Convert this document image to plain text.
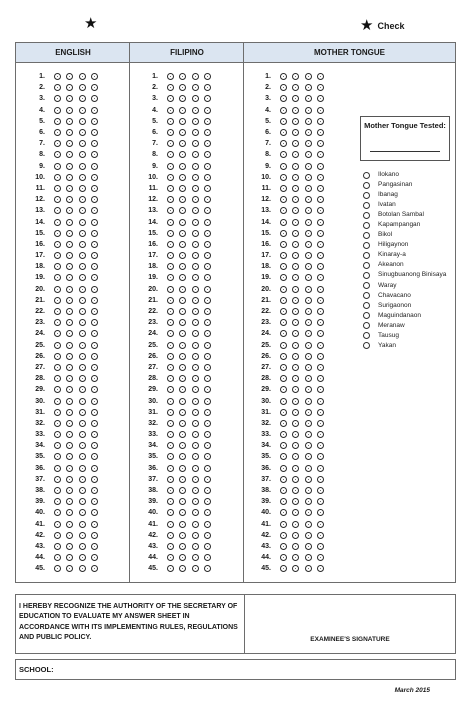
★	★ Check
ENGLISH	FILIPINO	MOTHER TONGUE
1.
2.
3.
4.
5.
6.
7.
8.
9.
10.
11.
12.
13.
14.
15.
16.
17.
18.
19.
20.
21.
22.
23.
24.
25.
26.
27.
28.
29.
30.
31.
32.
33.
34.
35.
36.
37.
38.
39.
40.
41.
42.
43.
44.
45.
1.
2.
3.
4.
5.
6.
7.
8.
9.
10.
11.
12.
13.
14.
15.
16.
17.
18.
19.
20.
21.
22.
23.
24.
25.
26.
27.
28.
29.
30.
31.
32.
33.
34.
35.
36.
37.
38.
39.
40.
41.
42.
43.
44.
45.
1.
2.
3.
4.
5.
6.
7.
8.
9.
10.
11.
12.
13.
14.
15.
16.
17.
18.
19.
20.
21.
22.
23.
24.
25.
26.
27.
28.
29.
30.
31.
32.
33.
34.
35.
36.
37.
38.
39.
40.
41.
42.
43.
44.
45.
Mother Tongue Tested:
Ilokano
Pangasinan
Ibanag
Ivatan
Botolan Sambal
Kapampangan
Bikol
Hiligaynon
Kinaray-a
Akeanon
Sinugbuanong Binisaya
Waray
Chavacano
Surigaonon
Maguindanaon
Meranaw
Tausug
Yakan
I HEREBY RECOGNIZE THE AUTHORITY OF THE SECRETARY OF EDUCATION TO EVALUATE MY ANSWER SHEET IN ACCORDANCE WITH ITS IMPLEMENTING RULES, REGULATIONS AND PUBLIC POLICY.	EXAMINEE'S SIGNATURE
SCHOOL:
March 2015
